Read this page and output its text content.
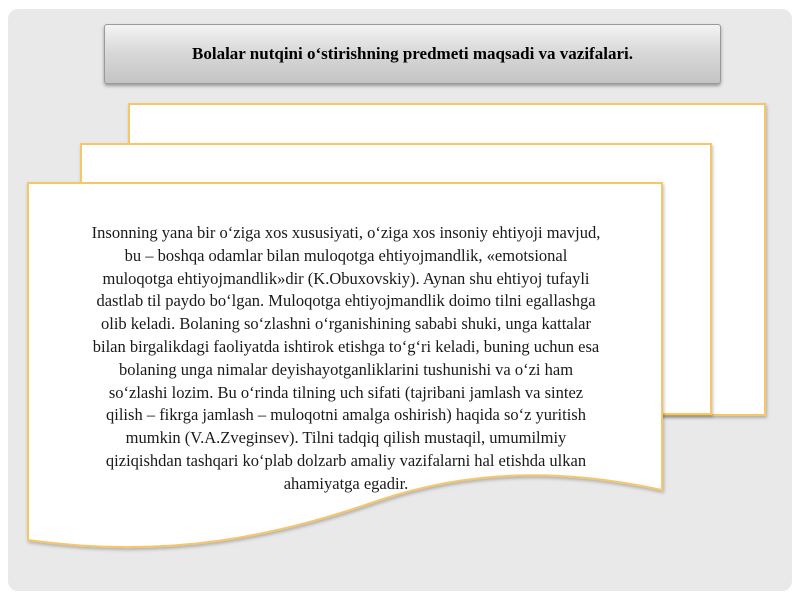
Bolalar nutqini o‘stirishning predmeti maqsadi va vazifalari.
Insonning yana bir o‘ziga xos xususiyati, o‘ziga xos insoniy ehtiyoji mavjud,
bu – boshqa odamlar bilan muloqotga ehtiyojmandlik, «emotsional
muloqotga ehtiyojmandlik»dir (K.Obuxovskiy). Aynan shu ehtiyoj tufayli
dastlab til paydo bo‘lgan. Muloqotga ehtiyojmandlik doimo tilni egallashga
olib keladi. Bolaning so‘zlashni o‘rganishining sababi shuki, unga kattalar
bilan birgalikdagi faoliyatda ishtirok etishga to‘g‘ri keladi, buning uchun esa
bolaning unga nimalar deyishayotganliklarini tushunishi va o‘zi ham
so‘zlashi lozim. Bu o‘rinda tilning uch sifati (tajribani jamlash va sintez
qilish – fikrga jamlash – muloqotni amalga oshirish) haqida so‘z yuritish
mumkin (V.A.Zveginsev). Tilni tadqiq qilish mustaqil, umumilmiy
qiziqishdan tashqari ko‘plab dolzarb amaliy vazifalarni hal etishda ulkan
ahamiyatga egadir.
